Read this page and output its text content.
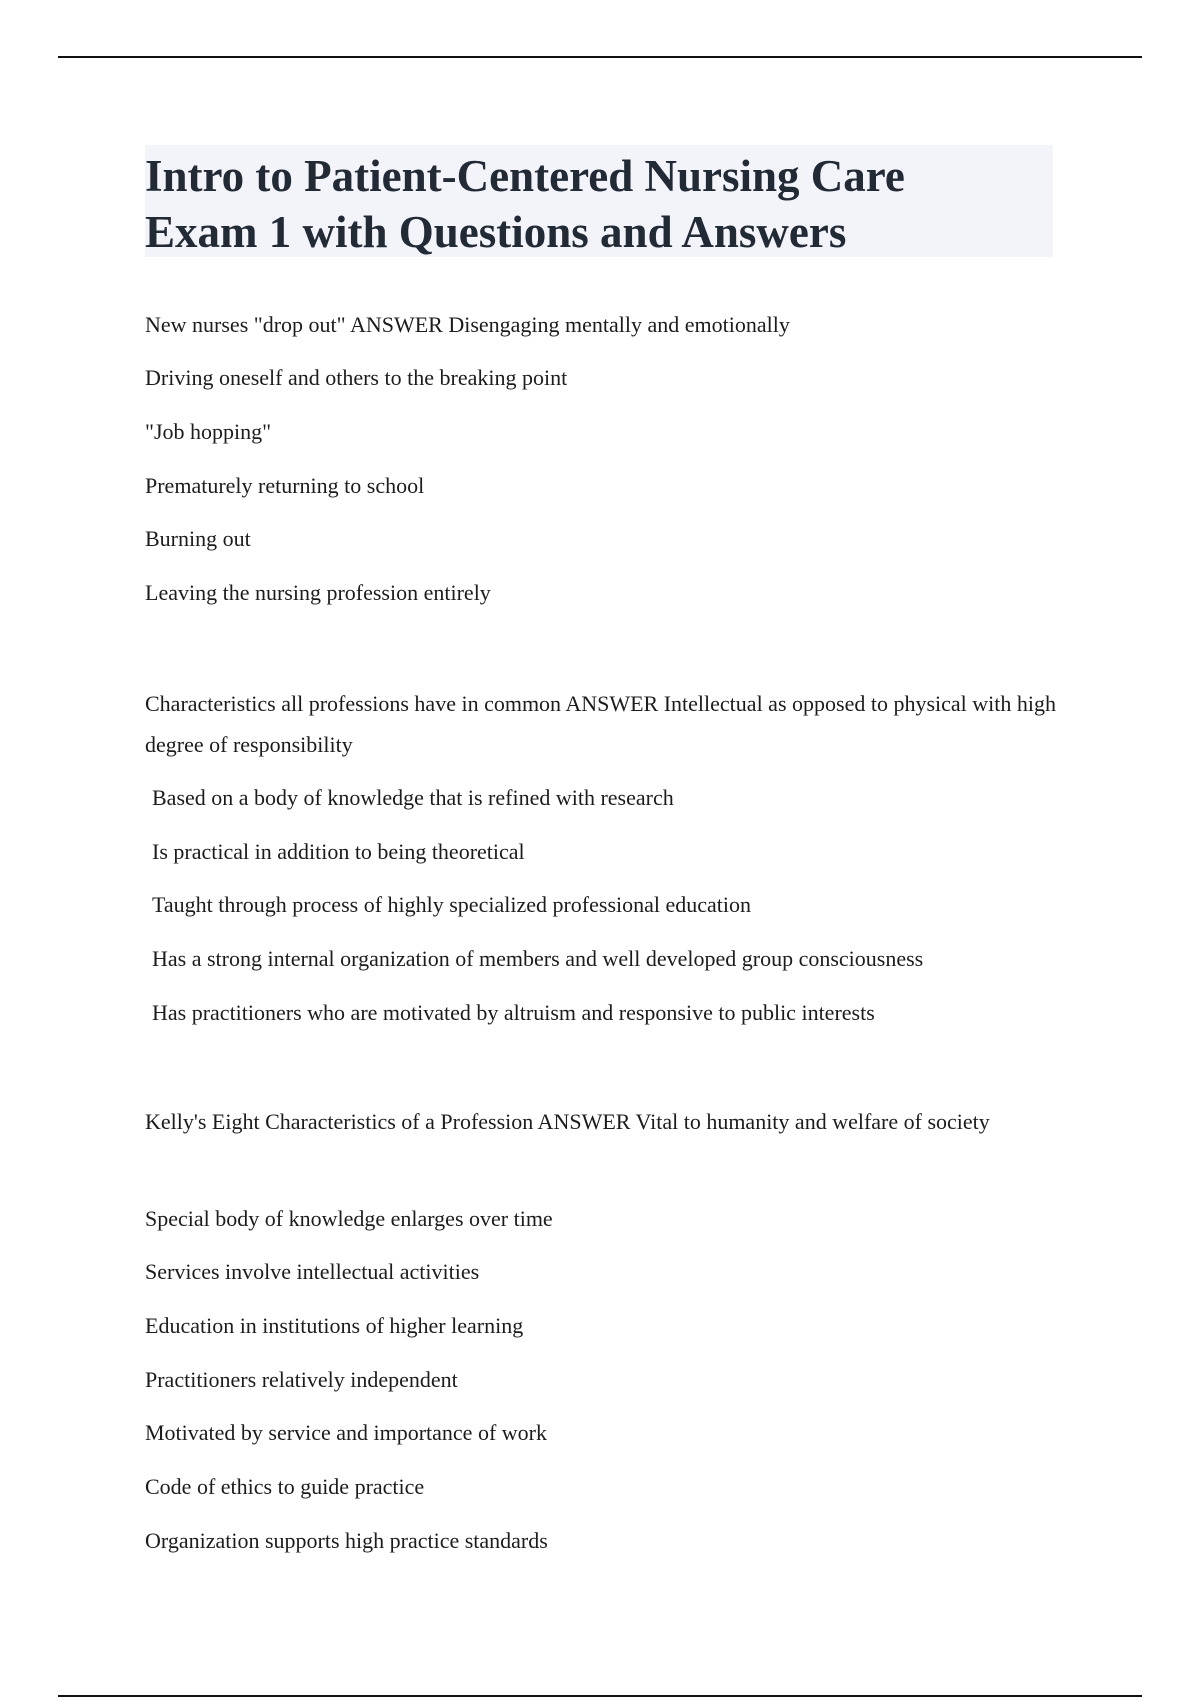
Intro to Patient-Centered Nursing Care
Exam 1 with Questions and Answers

New nurses "drop out" ANSWER Disengaging mentally and emotionally

Driving oneself and others to the breaking point

"Job hopping"

Prematurely returning to school

Burning out

Leaving the nursing profession entirely

Characteristics all professions have in common ANSWER Intellectual as opposed to physical with high degree of responsibility

Based on a body of knowledge that is refined with research

Is practical in addition to being theoretical

Taught through process of highly specialized professional education

Has a strong internal organization of members and well developed group consciousness

Has practitioners who are motivated by altruism and responsive to public interests

Kelly's Eight Characteristics of a Profession ANSWER Vital to humanity and welfare of society

Special body of knowledge enlarges over time

Services involve intellectual activities

Education in institutions of higher learning

Practitioners relatively independent

Motivated by service and importance of work

Code of ethics to guide practice

Organization supports high practice standards
